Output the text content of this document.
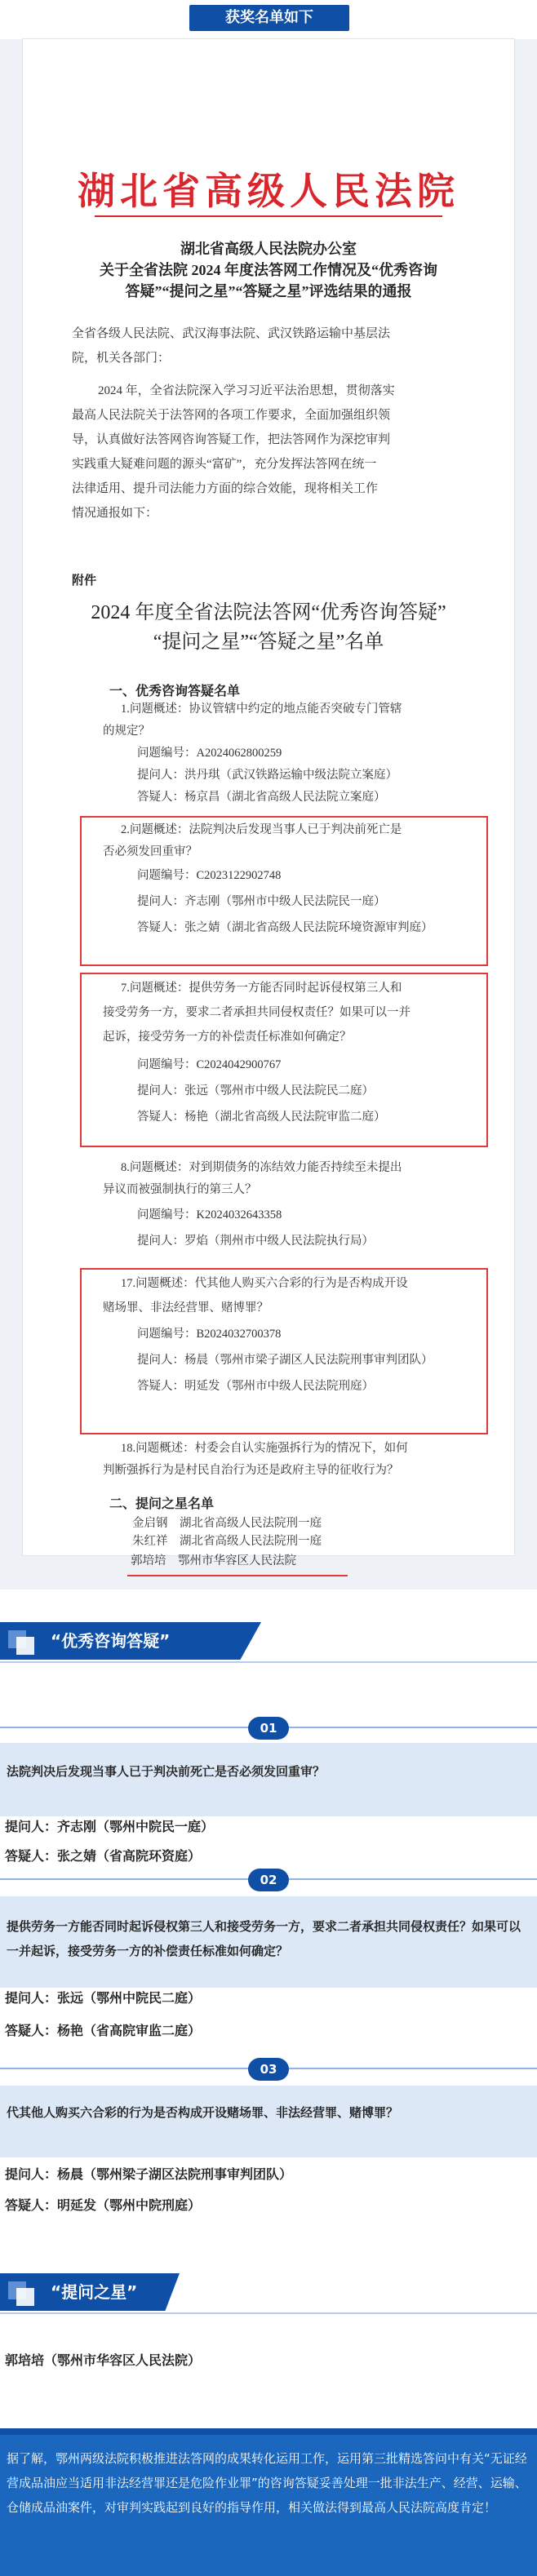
获奖名单如下
湖北省高级人民法院
湖北省高级人民法院办公室
关于全省法院 2024 年度法答网工作情况及“优秀咨询
答疑”“提问之星”“答疑之星”评选结果的通报
全省各级人民法院、武汉海事法院、武汉铁路运输中基层法
院，机关各部门：
2024 年，全省法院深入学习习近平法治思想，贯彻落实
最高人民法院关于法答网的各项工作要求，全面加强组织领
导，认真做好法答网咨询答疑工作，把法答网作为深挖审判
实践重大疑难问题的源头“富矿”，充分发挥法答网在统一
法律适用、提升司法能力方面的综合效能，现将相关工作
情况通报如下：
附件
2024 年度全省法院法答网“优秀咨询答疑”
“提问之星”“答疑之星”名单
一、优秀咨询答疑名单
1.问题概述：协议管辖中约定的地点能否突破专门管辖
的规定？
问题编号：A2024062800259
提问人：洪丹琪（武汉铁路运输中级法院立案庭）
答疑人：杨京昌（湖北省高级人民法院立案庭）
2.问题概述：法院判决后发现当事人已于判决前死亡是
否必须发回重审？
问题编号：C2023122902748
提问人：齐志刚（鄂州市中级人民法院民一庭）
答疑人：张之婧（湖北省高级人民法院环境资源审判庭）
7.问题概述：提供劳务一方能否同时起诉侵权第三人和
接受劳务一方，要求二者承担共同侵权责任？如果可以一并
起诉，接受劳务一方的补偿责任标准如何确定？
问题编号：C2024042900767
提问人：张远（鄂州市中级人民法院民二庭）
答疑人：杨艳（湖北省高级人民法院审监二庭）
8.问题概述：对到期债务的冻结效力能否持续至未提出
异议而被强制执行的第三人？
问题编号：K2024032643358
提问人：罗焰（荆州市中级人民法院执行局）
17.问题概述：代其他人购买六合彩的行为是否构成开设
赌场罪、非法经营罪、赌博罪？
问题编号：B2024032700378
提问人：杨晨（鄂州市梁子湖区人民法院刑事审判团队）
答疑人：明延发（鄂州市中级人民法院刑庭）
18.问题概述：村委会自认实施强拆行为的情况下，如何
判断强拆行为是村民自治行为还是政府主导的征收行为？
二、提问之星名单
金启钢　湖北省高级人民法院刑一庭
朱红祥　湖北省高级人民法院刑一庭
郭培培　鄂州市华容区人民法院
“优秀咨询答疑”
01

法院判决后发现当事人已于判决前死亡是否必须发回重审？

提问人：齐志刚（鄂州中院民一庭）
答疑人：张之婧（省高院环资庭）
02

提供劳务一方能否同时起诉侵权第三人和接受劳务一方，要求二者承担共同侵权责任？如果可以一并起诉，接受劳务一方的补偿责任标准如何确定？

提问人：张远（鄂州中院民二庭）
答疑人：杨艳（省高院审监二庭）
03

代其他人购买六合彩的行为是否构成开设赌场罪、非法经营罪、赌博罪？

提问人：杨晨（鄂州梁子湖区法院刑事审判团队）
答疑人：明延发（鄂州中院刑庭）
“提问之星”
郭培培（鄂州市华容区人民法院）

据了解，鄂州两级法院积极推进法答网的成果转化运用工作，运用第三批精选答问中有关“无证经营成品油应当适用非法经营罪还是危险作业罪”的咨询答疑妥善处理一批非法生产、经营、运输、仓储成品油案件，对审判实践起到良好的指导作用，相关做法得到最高人民法院高度肯定！
